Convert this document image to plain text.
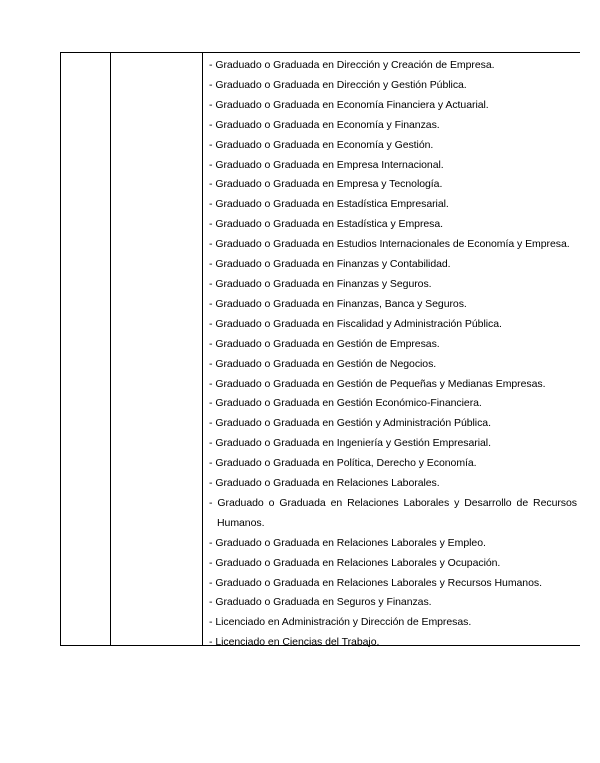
- Graduado o Graduada en Dirección y Creación de Empresa.
- Graduado o Graduada en Dirección y Gestión Pública.
- Graduado o Graduada en Economía Financiera y Actuarial.
- Graduado o Graduada en Economía y Finanzas.
- Graduado o Graduada en Economía y Gestión.
- Graduado o Graduada en Empresa Internacional.
- Graduado o Graduada en Empresa y Tecnología.
- Graduado o Graduada en Estadística Empresarial.
- Graduado o Graduada en Estadística y Empresa.
- Graduado o Graduada en Estudios Internacionales de Economía y Empresa.
- Graduado o Graduada en Finanzas y Contabilidad.
- Graduado o Graduada en Finanzas y Seguros.
- Graduado o Graduada en Finanzas, Banca y Seguros.
- Graduado o Graduada en Fiscalidad y Administración Pública.
- Graduado o Graduada en Gestión de Empresas.
- Graduado o Graduada en Gestión de Negocios.
- Graduado o Graduada en Gestión de Pequeñas y Medianas Empresas.
- Graduado o Graduada en Gestión Económico-Financiera.
- Graduado o Graduada en Gestión y Administración Pública.
- Graduado o Graduada en Ingeniería y Gestión Empresarial.
- Graduado o Graduada en Política, Derecho y Economía.
- Graduado o Graduada en Relaciones Laborales.
- Graduado o Graduada en Relaciones Laborales y Desarrollo de Recursos Humanos.
- Graduado o Graduada en Relaciones Laborales y Empleo.
- Graduado o Graduada en Relaciones Laborales y Ocupación.
- Graduado o Graduada en Relaciones Laborales y Recursos Humanos.
- Graduado o Graduada en Seguros y Finanzas.
- Licenciado en Administración y Dirección de Empresas.
- Licenciado en Ciencias del Trabajo.
